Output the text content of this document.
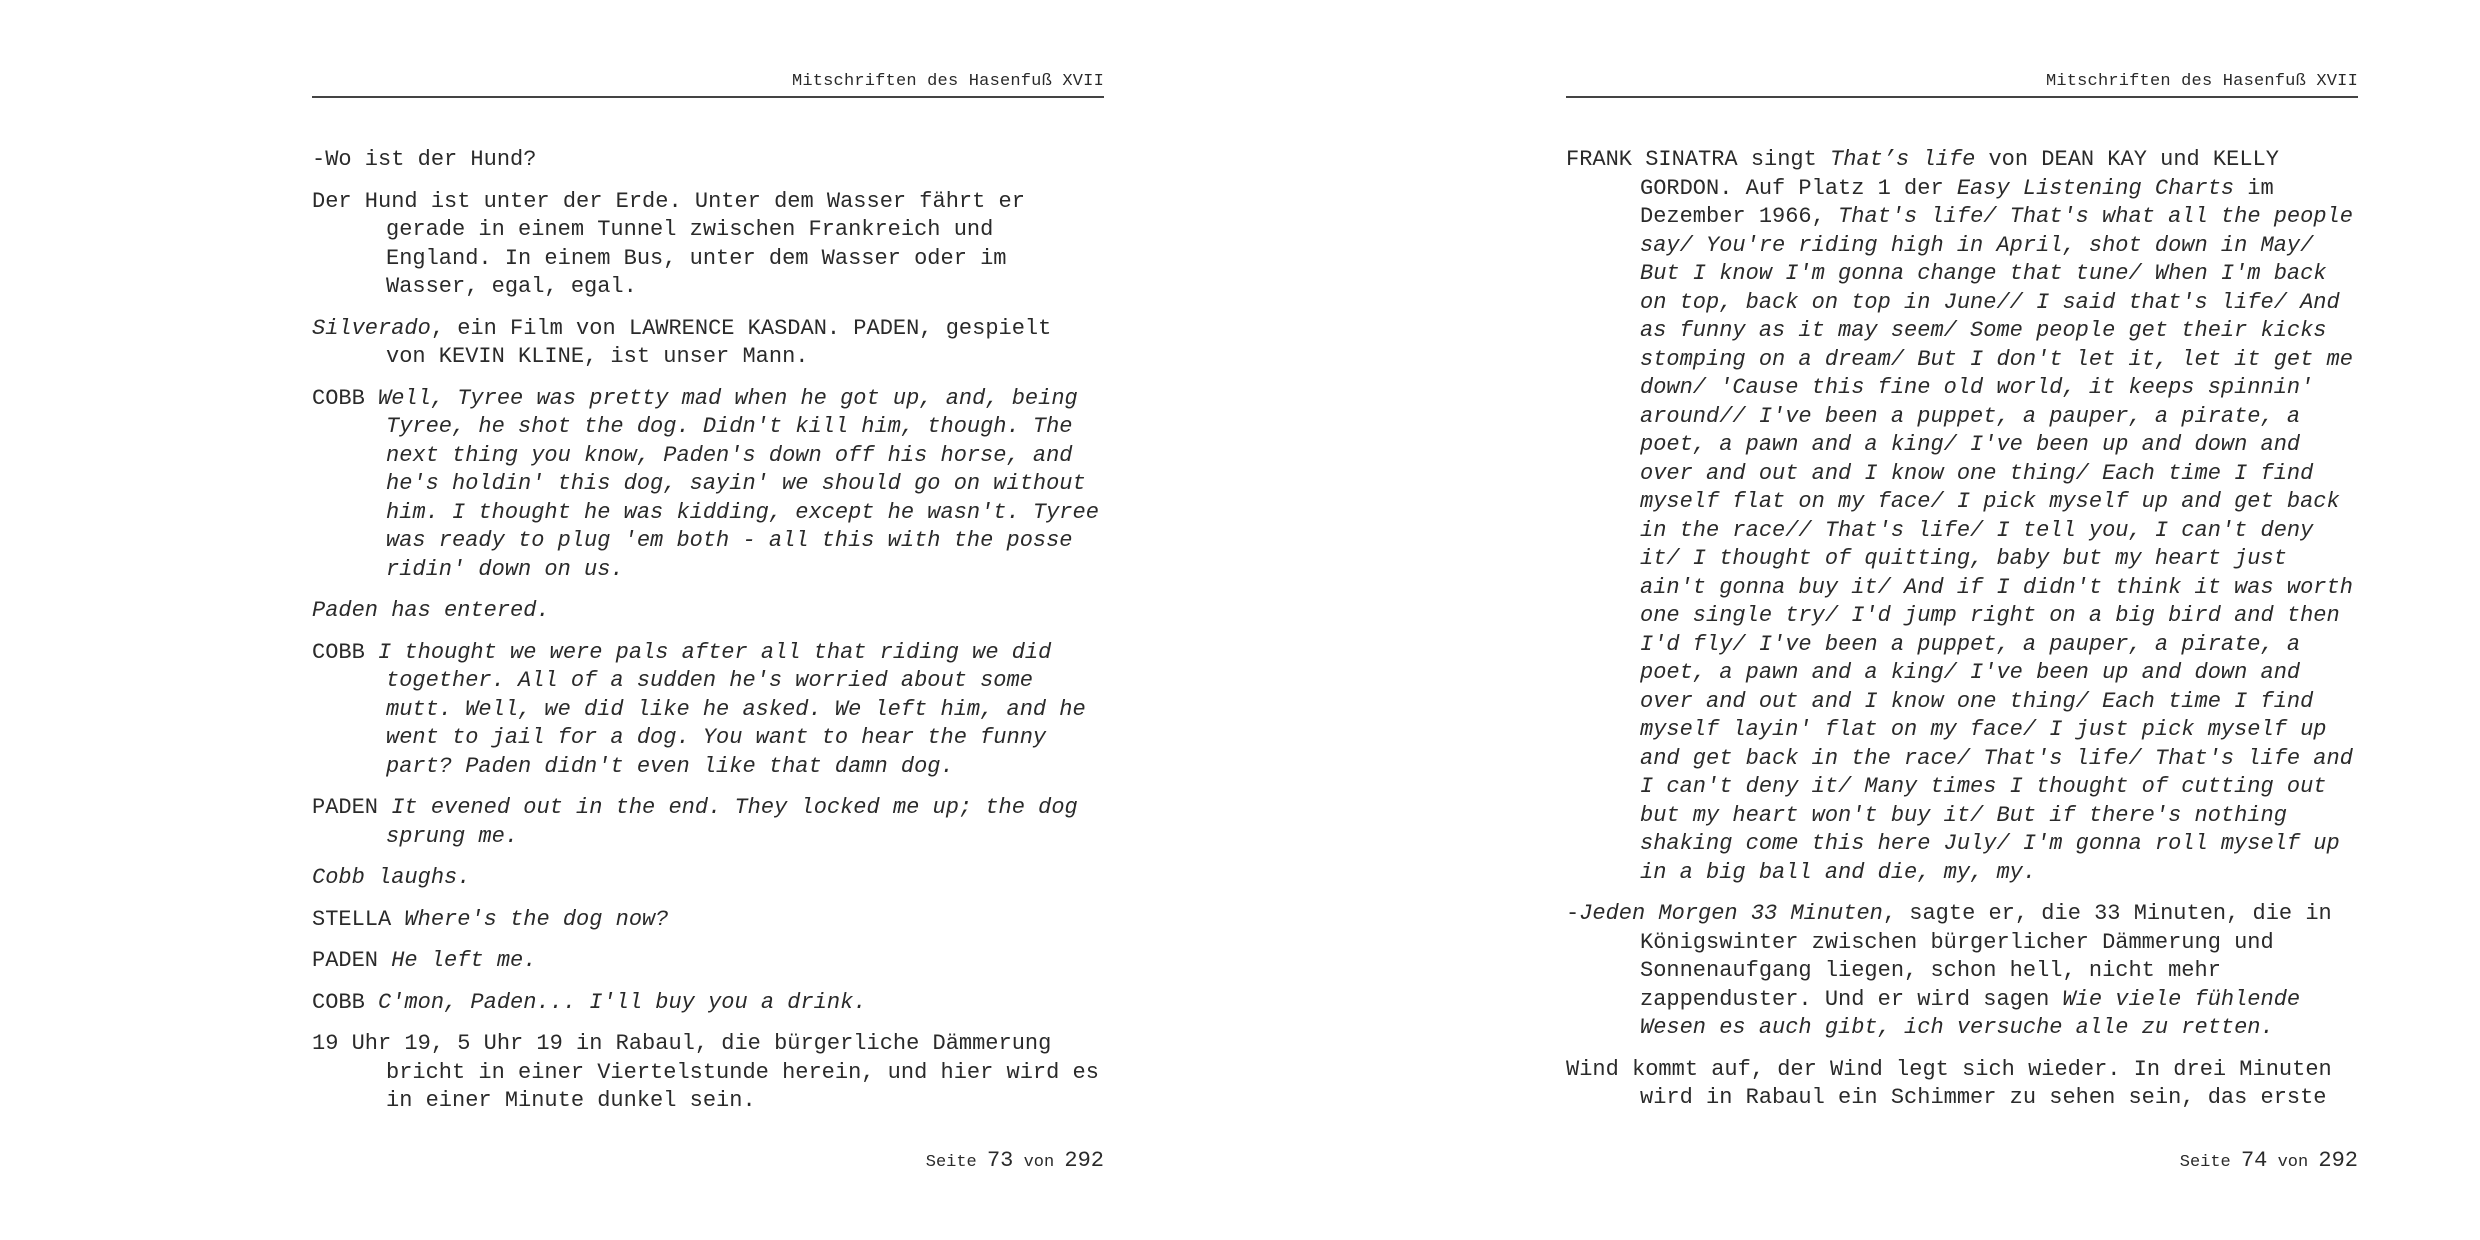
Mitschriften des Hasenfuß XVII

-Wo ist der Hund?

Der Hund ist unter der Erde. Unter dem Wasser fährt er gerade in einem Tunnel zwischen Frankreich und England. In einem Bus, unter dem Wasser oder im Wasser, egal, egal.

Silverado, ein Film von LAWRENCE KASDAN. PADEN, gespielt von KEVIN KLINE, ist unser Mann.

COBB Well, Tyree was pretty mad when he got up, and, being Tyree, he shot the dog. Didn't kill him, though. The next thing you know, Paden's down off his horse, and he's holdin' this dog, sayin' we should go on without him. I thought he was kidding, except he wasn't. Tyree was ready to plug 'em both - all this with the posse ridin' down on us.

Paden has entered.

COBB I thought we were pals after all that riding we did together. All of a sudden he's worried about some mutt. Well, we did like he asked. We left him, and he went to jail for a dog. You want to hear the funny part? Paden didn't even like that damn dog.

PADEN It evened out in the end. They locked me up; the dog sprung me.

Cobb laughs.

STELLA Where's the dog now?

PADEN He left me.

COBB C'mon, Paden... I'll buy you a drink.

19 Uhr 19, 5 Uhr 19 in Rabaul, die bürgerliche Dämmerung bricht in einer Viertelstunde herein, und hier wird es in einer Minute dunkel sein.

Seite 73 von 292
Mitschriften des Hasenfuß XVII

FRANK SINATRA singt That’s life von DEAN KAY und KELLY GORDON. Auf Platz 1 der Easy Listening Charts im Dezember 1966, That's life/ That's what all the people say/ You're riding high in April, shot down in May/ But I know I'm gonna change that tune/ When I'm back on top, back on top in June// I said that's life/ And as funny as it may seem/ Some people get their kicks stomping on a dream/ But I don't let it, let it get me down/ 'Cause this fine old world, it keeps spinnin' around// I've been a puppet, a pauper, a pirate, a poet, a pawn and a king/ I've been up and down and over and out and I know one thing/ Each time I find myself flat on my face/ I pick myself up and get back in the race// That's life/ I tell you, I can't deny it/ I thought of quitting, baby but my heart just ain't gonna buy it/ And if I didn't think it was worth one single try/ I'd jump right on a big bird and then I'd fly/ I've been a puppet, a pauper, a pirate, a poet, a pawn and a king/ I've been up and down and over and out and I know one thing/ Each time I find myself layin' flat on my face/ I just pick myself up and get back in the race/ That's life/ That's life and I can't deny it/ Many times I thought of cutting out but my heart won't buy it/ But if there's nothing shaking come this here July/ I'm gonna roll myself up in a big ball and die, my, my.

-Jeden Morgen 33 Minuten, sagte er, die 33 Minuten, die in Königswinter zwischen bürgerlicher Dämmerung und Sonnenaufgang liegen, schon hell, nicht mehr zappenduster. Und er wird sagen Wie viele fühlende Wesen es auch gibt, ich versuche alle zu retten.

Wind kommt auf, der Wind legt sich wieder. In drei Minuten wird in Rabaul ein Schimmer zu sehen sein, das erste

Seite 74 von 292
